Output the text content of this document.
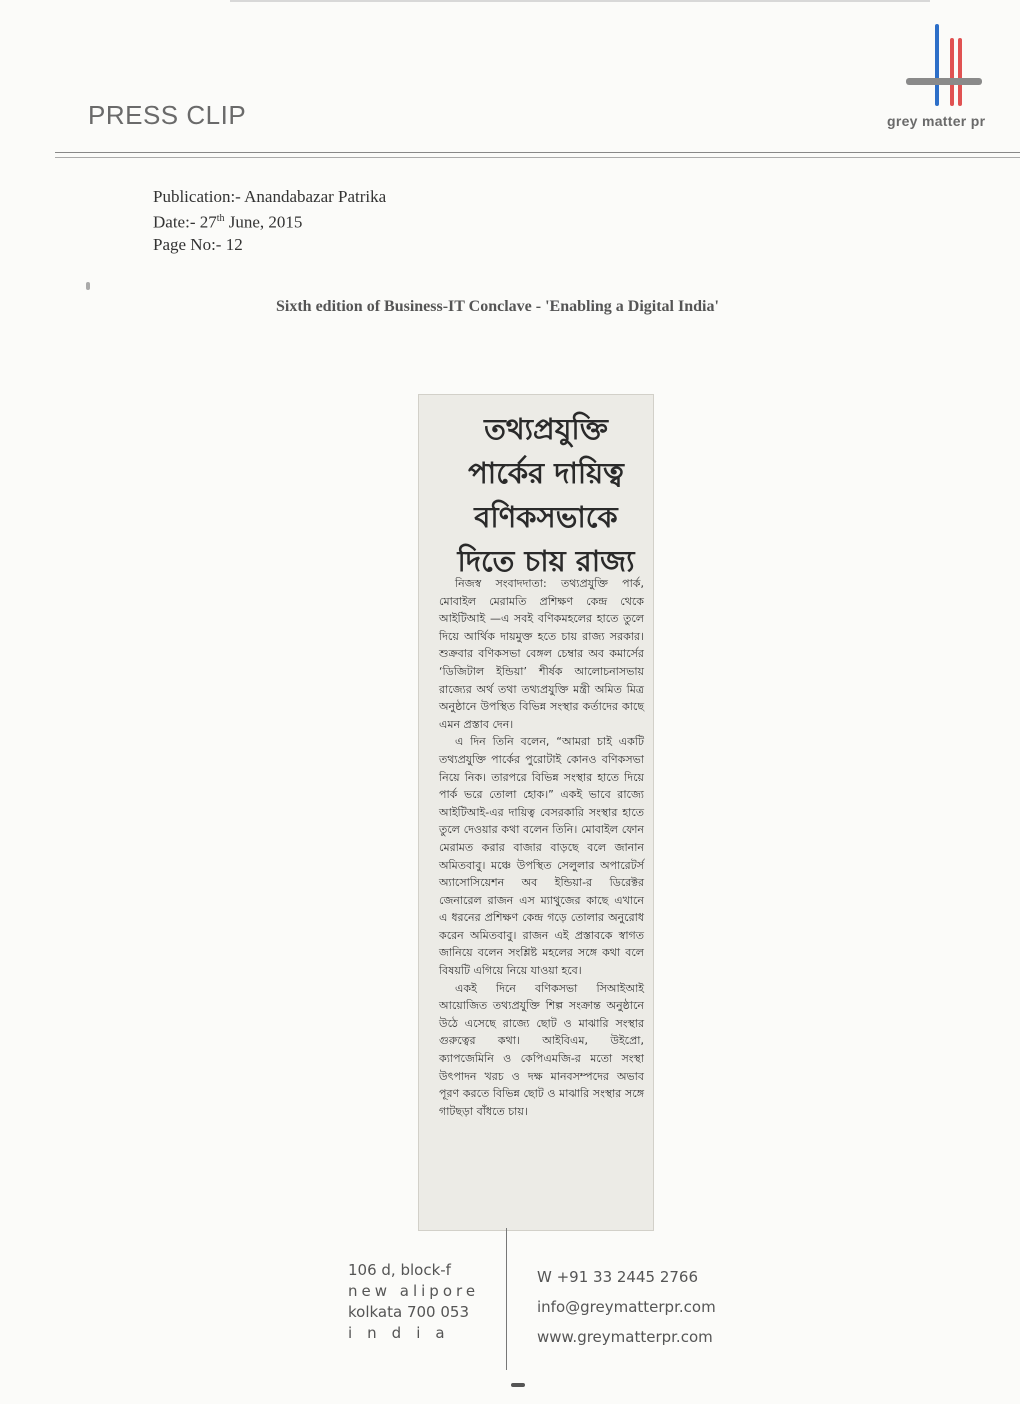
PRESS CLIP	grey matter pr
Publication:- Anandabazar Patrika
Date:- 27th June, 2015
Page No:- 12
Sixth edition of Business-IT Conclave - 'Enabling a Digital India'
তথ্যপ্রযুক্তি
পার্কের দায়িত্ব
বণিকসভাকে
দিতে চায় রাজ্য

নিজস্ব সংবাদদাতা: তথ্যপ্রযুক্তি পার্ক, মোবাইল মেরামতি প্রশিক্ষণ কেন্দ্র থেকে আইটিআই —এ সবই বণিকমহলের হাতে তুলে দিয়ে আর্থিক দায়মুক্ত হতে চায় রাজ্য সরকার। শুক্রবার বণিকসভা বেঙ্গল চেম্বার অব কমার্সের ‘ডিজিটাল ইন্ডিয়া’ শীর্ষক আলোচনাসভায় রাজ্যের অর্থ তথা তথ্যপ্রযুক্তি মন্ত্রী অমিত মিত্র অনুষ্ঠানে উপস্থিত বিভিন্ন সংস্থার কর্তাদের কাছে এমন প্রস্তাব দেন।

এ দিন তিনি বলেন, “আমরা চাই একটি তথ্যপ্রযুক্তি পার্কের পুরোটাই কোনও বণিকসভা নিয়ে নিক। তারপরে বিভিন্ন সংস্থার হাতে দিয়ে পার্ক ভরে তোলা হোক।” একই ভাবে রাজ্যে আইটিআই-এর দায়িত্ব বেসরকারি সংস্থার হাতে তুলে দেওয়ার কথা বলেন তিনি। মোবাইল ফোন মেরামত করার বাজার বাড়ছে বলে জানান অমিতবাবু। মঞ্চে উপস্থিত সেলুলার অপারেটর্স অ্যাসোসিয়েশন অব ইন্ডিয়া-র ডিরেক্টর জেনারেল রাজন এস ম্যাথুজের কাছে এখানে এ ধরনের প্রশিক্ষণ কেন্দ্র গড়ে তোলার অনুরোধ করেন অমিতবাবু। রাজন এই প্রস্তাবকে স্বাগত জানিয়ে বলেন সংশ্লিষ্ট মহলের সঙ্গে কথা বলে বিষয়টি এগিয়ে নিয়ে যাওয়া হবে।

একই দিনে বণিকসভা সিআইআই আয়োজিত তথ্যপ্রযুক্তি শিল্প সংক্রান্ত অনুষ্ঠানে উঠে এসেছে রাজ্যে ছোট ও মাঝারি সংস্থার গুরুত্বের কথা। আইবিএম, উইপ্রো, ক্যাপজেমিনি ও কেপিএমজি-র মতো সংস্থা উৎপাদন খরচ ও দক্ষ মানবসম্পদের অভাব পূরণ করতে বিভিন্ন ছোট ও মাঝারি সংস্থার সঙ্গে গাটছড়া বাঁধতে চায়।

106 d, block-f
new alipore
kolkata 700 053
india
W +91 33 2445 2766
info@greymatterpr.com
www.greymatterpr.com
